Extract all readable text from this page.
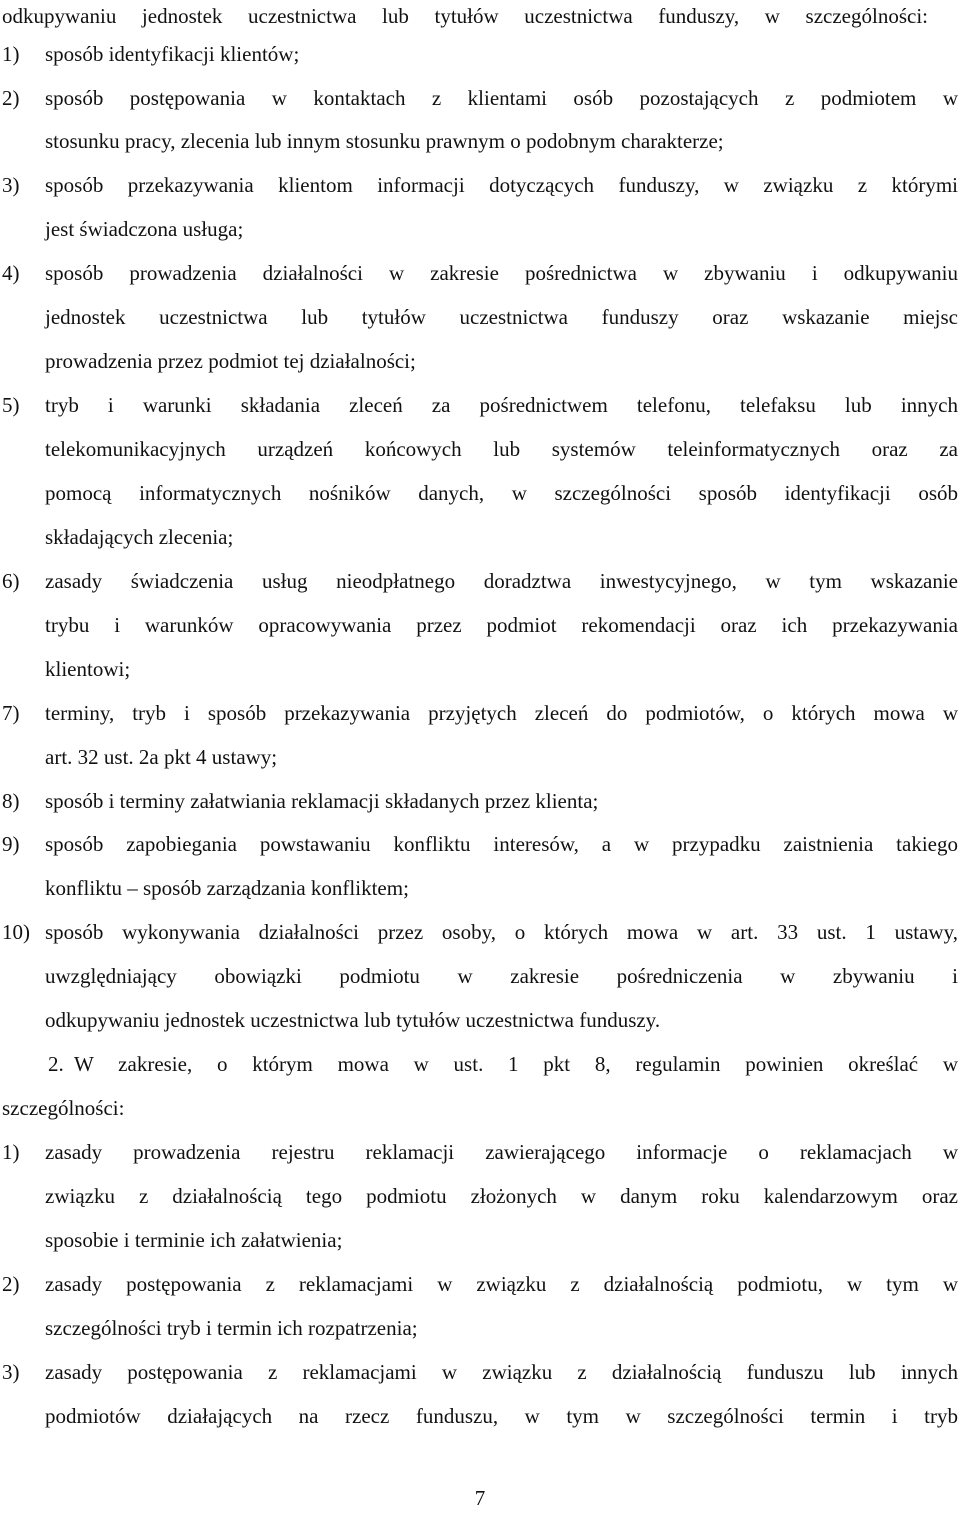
odkupywaniu jednostek uczestnictwa lub tytułów uczestnictwa funduszy, w szczególności:
1) sposób identyfikacji klientów;
2) sposób postępowania w kontaktach z klientami osób pozostających z podmiotem w
stosunku pracy, zlecenia lub innym stosunku prawnym o podobnym charakterze;
3) sposób przekazywania klientom informacji dotyczących funduszy, w związku z którymi
jest świadczona usługa;
4) sposób prowadzenia działalności w zakresie pośrednictwa w zbywaniu i odkupywaniu
jednostek uczestnictwa lub tytułów uczestnictwa funduszy oraz wskazanie miejsc
prowadzenia przez podmiot tej działalności;
5) tryb i warunki składania zleceń za pośrednictwem telefonu, telefaksu lub innych
telekomunikacyjnych urządzeń końcowych lub systemów teleinformatycznych oraz za
pomocą informatycznych nośników danych, w szczególności sposób identyfikacji osób
składających zlecenia;
6) zasady świadczenia usług nieodpłatnego doradztwa inwestycyjnego, w tym wskazanie
trybu i warunków opracowywania przez podmiot rekomendacji oraz ich przekazywania
klientowi;
7) terminy, tryb i sposób przekazywania przyjętych zleceń do podmiotów, o których mowa w
art. 32 ust. 2a pkt 4 ustawy;
8) sposób i terminy załatwiania reklamacji składanych przez klienta;
9) sposób zapobiegania powstawaniu konfliktu interesów, a w przypadku zaistnienia takiego
konfliktu – sposób zarządzania konfliktem;
10) sposób wykonywania działalności przez osoby, o których mowa w art. 33 ust. 1 ustawy,
uwzględniający obowiązki podmiotu w zakresie pośredniczenia w zbywaniu i
odkupywaniu jednostek uczestnictwa lub tytułów uczestnictwa funduszy.
2. W zakresie, o którym mowa w ust. 1 pkt 8, regulamin powinien określać w
szczególności:
1) zasady prowadzenia rejestru reklamacji zawierającego informacje o reklamacjach w
związku z działalnością tego podmiotu złożonych w danym roku kalendarzowym oraz
sposobie i terminie ich załatwienia;
2) zasady postępowania z reklamacjami w związku z działalnością podmiotu, w tym w
szczególności tryb i termin ich rozpatrzenia;
3) zasady postępowania z reklamacjami w związku z działalnością funduszu lub innych
podmiotów działających na rzecz funduszu, w tym w szczególności termin i tryb
7
